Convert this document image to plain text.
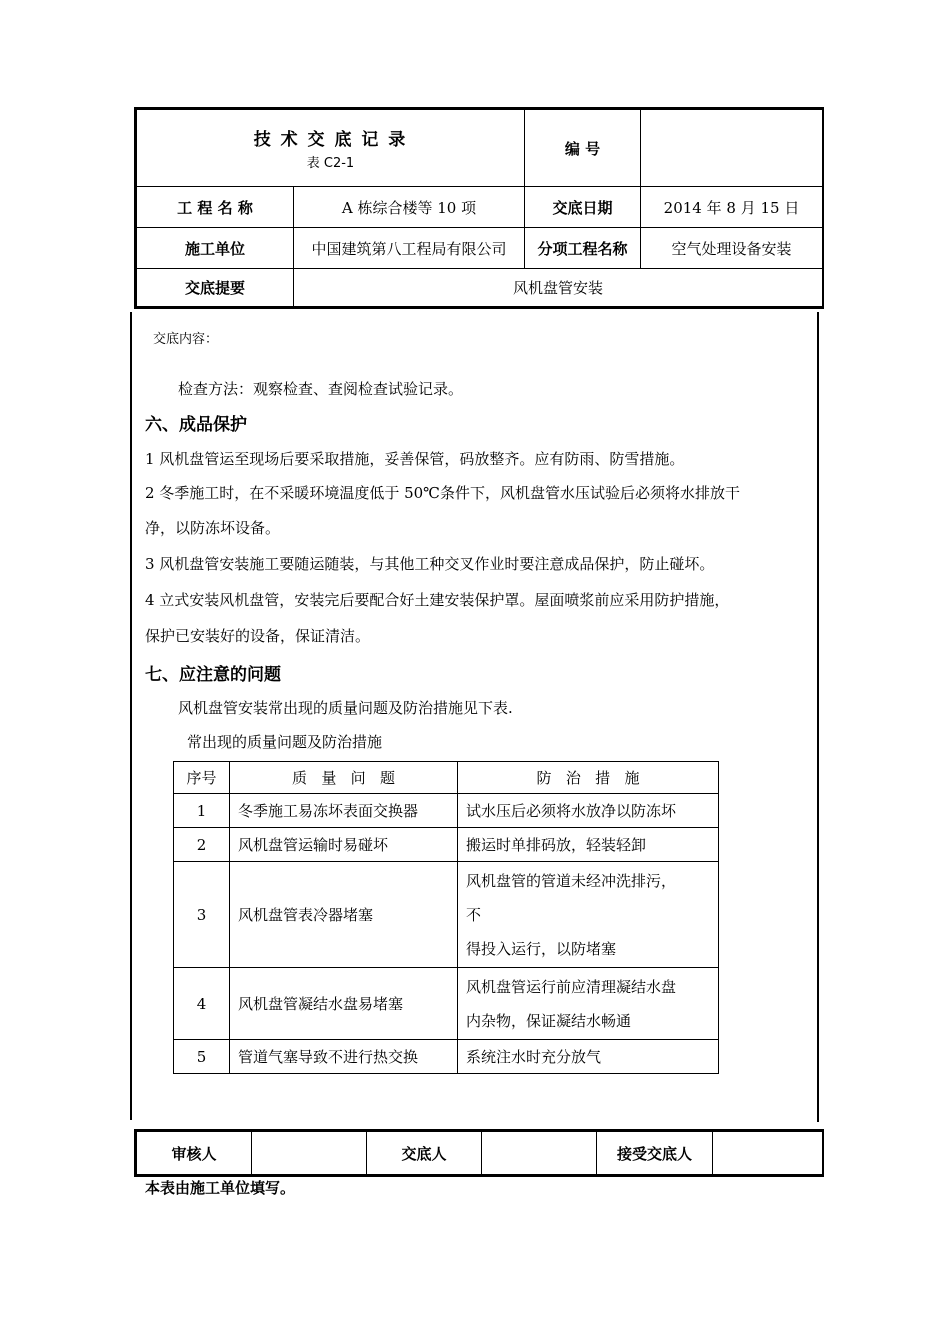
技 术 交 底 记 录
表 C2-1		编 号	
工 程 名 称	A 栋综合楼等 10 项	交底日期	2014 年 8 月 15 日
施工单位	中国建筑第八工程局有限公司	分项工程名称	空气处理设备安装
交底提要	风机盘管安装		
交底内容：
检查方法：观察检查、查阅检查试验记录。
六、成品保护
1 风机盘管运至现场后要采取措施，妥善保管，码放整齐。应有防雨、防雪措施。
2 冬季施工时，在不采暖环境温度低于 50℃条件下，风机盘管水压试验后必须将水排放干
净，以防冻坏设备。
3 风机盘管安装施工要随运随装，与其他工种交叉作业时要注意成品保护，防止碰坏。
4 立式安装风机盘管，安装完后要配合好土建安装保护罩。屋面喷浆前应采用防护措施，
保护已安装好的设备，保证清洁。
七、应注意的问题
风机盘管安装常出现的质量问题及防治措施见下表.
常出现的质量问题及防治措施
序号	质   量   问   题	防   治   措   施
1	冬季施工易冻坏表面交换器	试水压后必须将水放净以防冻坏

2	风机盘管运输时易碰坏	搬运时单排码放，轻装轻卸

3	风机盘管表冷器堵塞	风机盘管的管道未经冲洗排污，
不
得投入运行，以防堵塞

4	风机盘管凝结水盘易堵塞	风机盘管运行前应清理凝结水盘
内杂物，保证凝结水畅通

5	管道气塞导致不进行热交换	系统注水时充分放气
审核人		交底人		接受交底人	
本表由施工单位填写。
